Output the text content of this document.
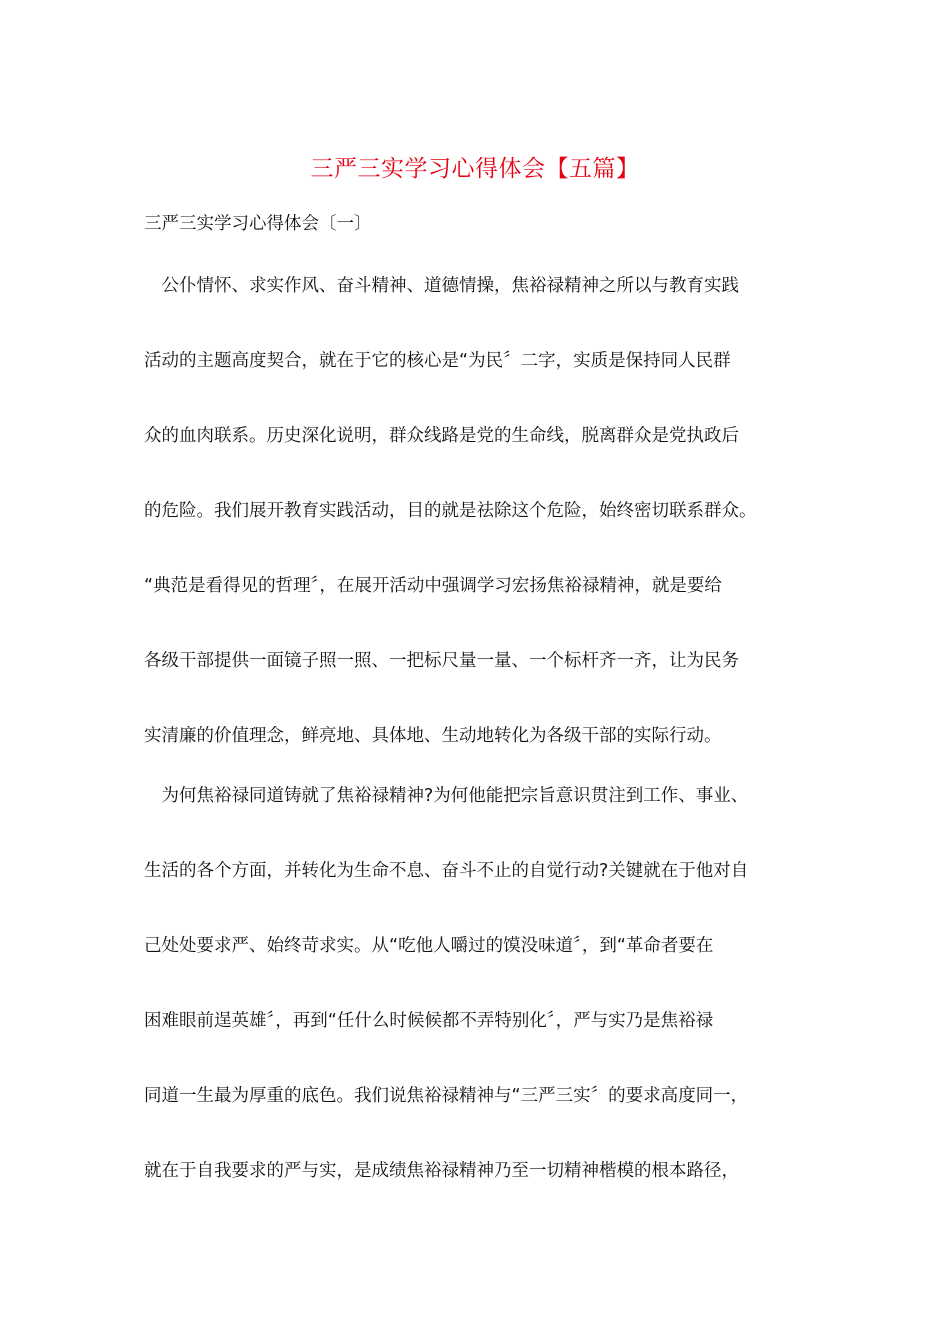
三严三实学习心得体会【五篇】
三严三实学习心得体会〔一〕
　公仆情怀、求实作风、奋斗精神、道德情操，焦裕禄精神之所以与教育实践
活动的主题高度契合，就在于它的核心是“为民〞二字，实质是保持同人民群
众的血肉联系。历史深化说明，群众线路是党的生命线，脱离群众是党执政后
的危险。我们展开教育实践活动，目的就是祛除这个危险，始终密切联系群众。
“典范是看得见的哲理〞，在展开活动中强调学习宏扬焦裕禄精神，就是要给
各级干部提供一面镜子照一照、一把标尺量一量、一个标杆齐一齐，让为民务
实清廉的价值理念，鲜亮地、具体地、生动地转化为各级干部的实际行动。
　为何焦裕禄同道铸就了焦裕禄精神?为何他能把宗旨意识贯注到工作、事业、
生活的各个方面，并转化为生命不息、奋斗不止的自觉行动?关键就在于他对自
己处处要求严、始终苛求实。从“吃他人嚼过的馍没味道〞，到“革命者要在
困难眼前逞英雄〞，再到“任什么时候候都不弄特别化〞，严与实乃是焦裕禄
同道一生最为厚重的底色。我们说焦裕禄精神与“三严三实〞的要求高度同一，
就在于自我要求的严与实，是成绩焦裕禄精神乃至一切精神楷模的根本路径，
